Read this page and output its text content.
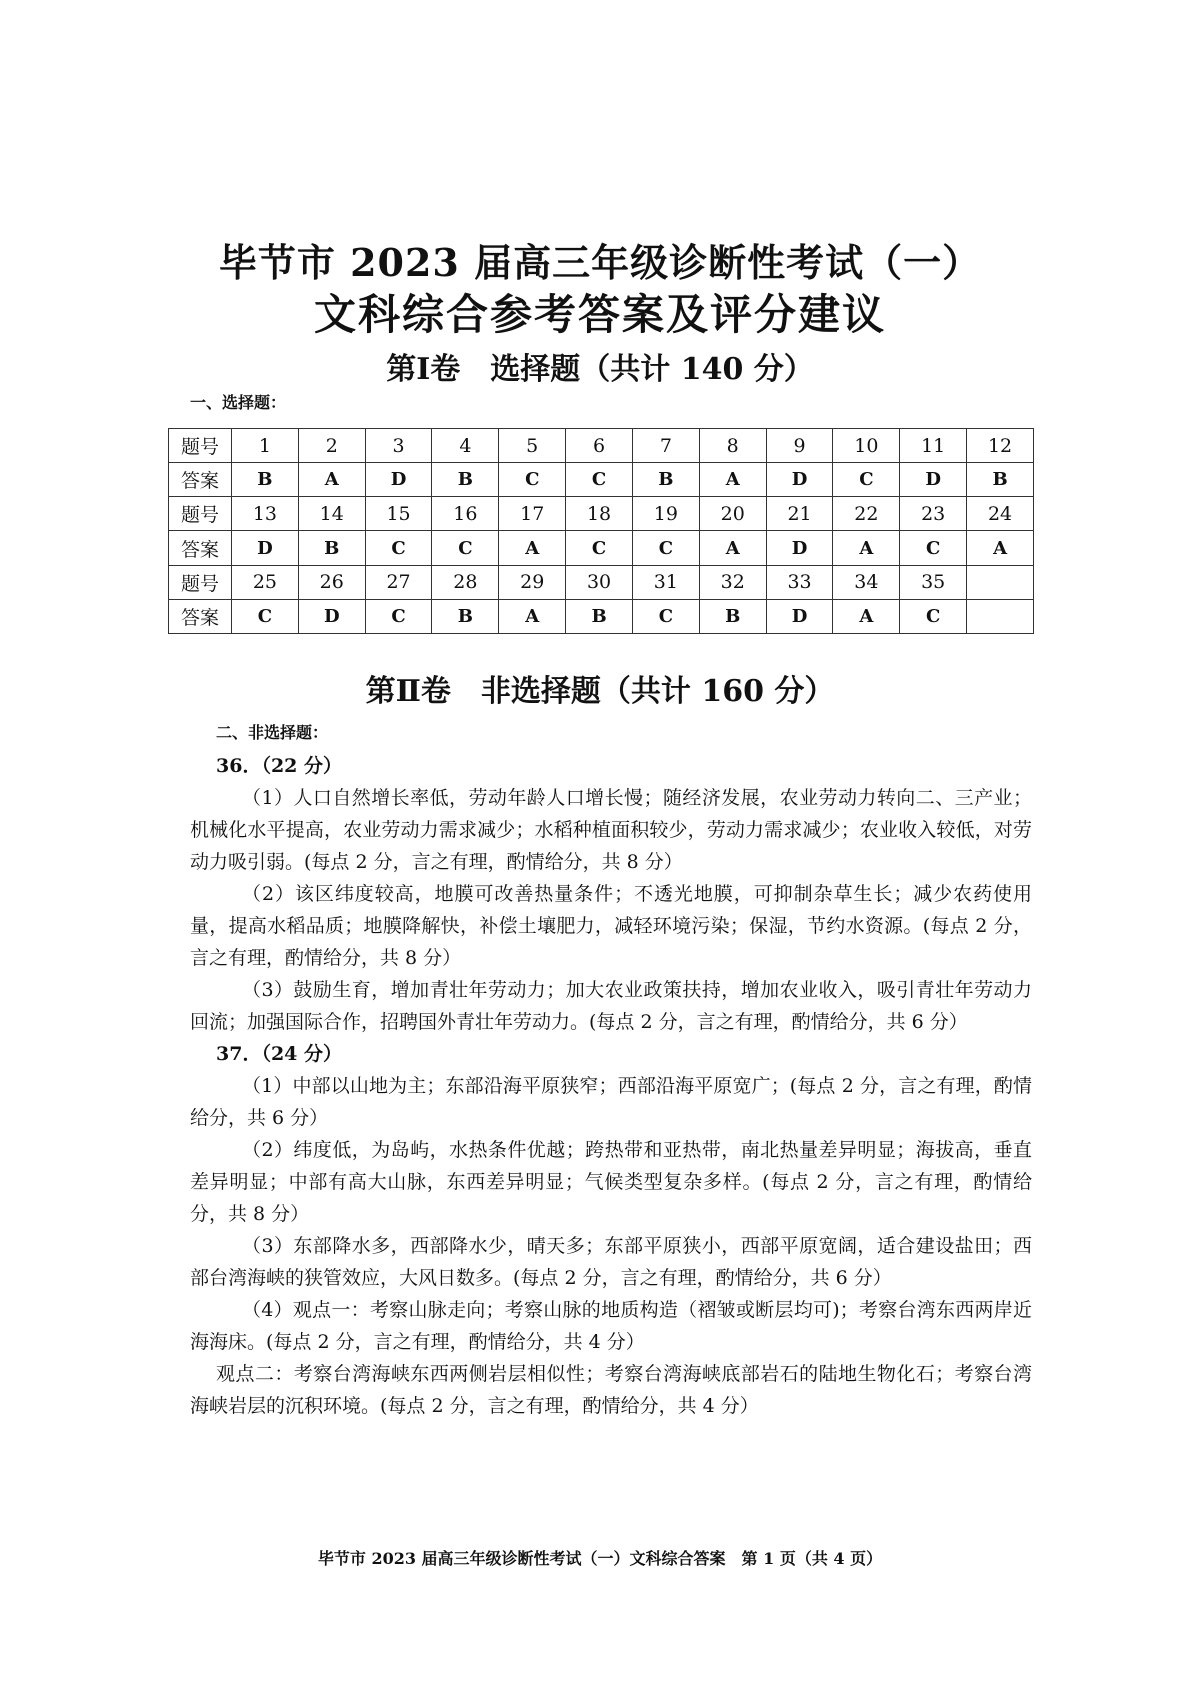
毕节市 2023 届高三年级诊断性考试（一）
文科综合参考答案及评分建议
第Ⅰ卷　选择题（共计 140 分）
一、选择题：
题号	1	2	3	4	5	6	7	8	9	10	11	12
答案	B	A	D	B	C	C	B	A	D	C	D	B
题号	13	14	15	16	17	18	19	20	21	22	23	24
答案	D	B	C	C	A	C	C	A	D	A	C	A
题号	25	26	27	28	29	30	31	32	33	34	35	
答案	C	D	C	B	A	B	C	B	D	A	C	
第Ⅱ卷　非选择题（共计 160 分）
二、非选择题：

36．（22 分）

（1）人口自然增长率低，劳动年龄人口增长慢；随经济发展，农业劳动力转向二、三产业；机械化水平提高，农业劳动力需求减少；水稻种植面积较少，劳动力需求减少；农业收入较低，对劳动力吸引弱。(每点 2 分，言之有理，酌情给分，共 8 分）

（2）该区纬度较高，地膜可改善热量条件；不透光地膜，可抑制杂草生长；减少农药使用量，提高水稻品质；地膜降解快，补偿土壤肥力，减轻环境污染；保湿，节约水资源。(每点 2 分，言之有理，酌情给分，共 8 分）

（3）鼓励生育，增加青壮年劳动力；加大农业政策扶持，增加农业收入，吸引青壮年劳动力回流；加强国际合作，招聘国外青壮年劳动力。(每点 2 分，言之有理，酌情给分，共 6 分）

37．（24 分）

（1）中部以山地为主；东部沿海平原狭窄；西部沿海平原宽广；(每点 2 分，言之有理，酌情给分，共 6 分）

（2）纬度低，为岛屿，水热条件优越；跨热带和亚热带，南北热量差异明显；海拔高，垂直差异明显；中部有高大山脉，东西差异明显；气候类型复杂多样。(每点 2 分，言之有理，酌情给分，共 8 分）

（3）东部降水多，西部降水少，晴天多；东部平原狭小，西部平原宽阔，适合建设盐田；西部台湾海峡的狭管效应，大风日数多。(每点 2 分，言之有理，酌情给分，共 6 分）

（4）观点一：考察山脉走向；考察山脉的地质构造（褶皱或断层均可)；考察台湾东西两岸近海海床。(每点 2 分，言之有理，酌情给分，共 4 分）

观点二：考察台湾海峡东西两侧岩层相似性；考察台湾海峡底部岩石的陆地生物化石；考察台湾海峡岩层的沉积环境。(每点 2 分，言之有理，酌情给分，共 4 分）

毕节市 2023 届高三年级诊断性考试（一）文科综合答案　第 1 页（共 4 页）
